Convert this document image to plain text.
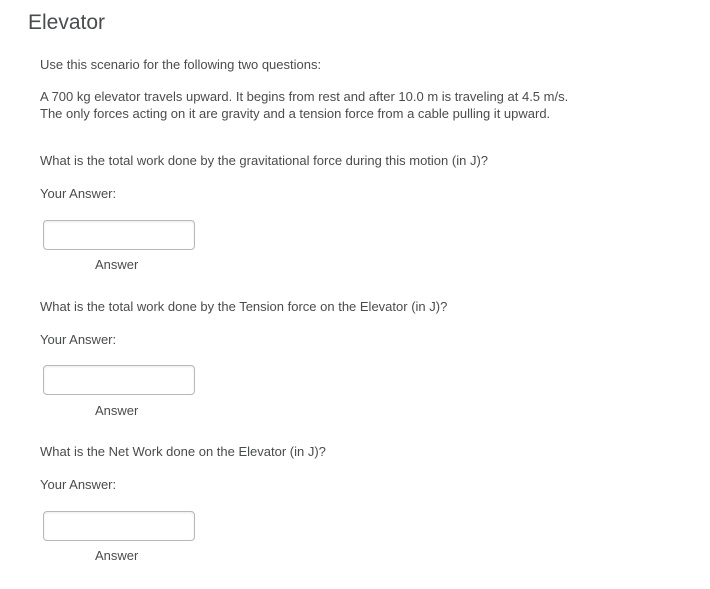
Elevator

Use this scenario for the following two questions:

A 700 kg elevator travels upward. It begins from rest and after 10.0 m is traveling at 4.5 m/s. The only forces acting on it are gravity and a tension force from a cable pulling it upward.

What is the total work done by the gravitational force during this motion (in J)?

Your Answer:

Answer

What is the total work done by the Tension force on the Elevator (in J)?

Your Answer:

Answer

What is the Net Work done on the Elevator (in J)?

Your Answer:

Answer
